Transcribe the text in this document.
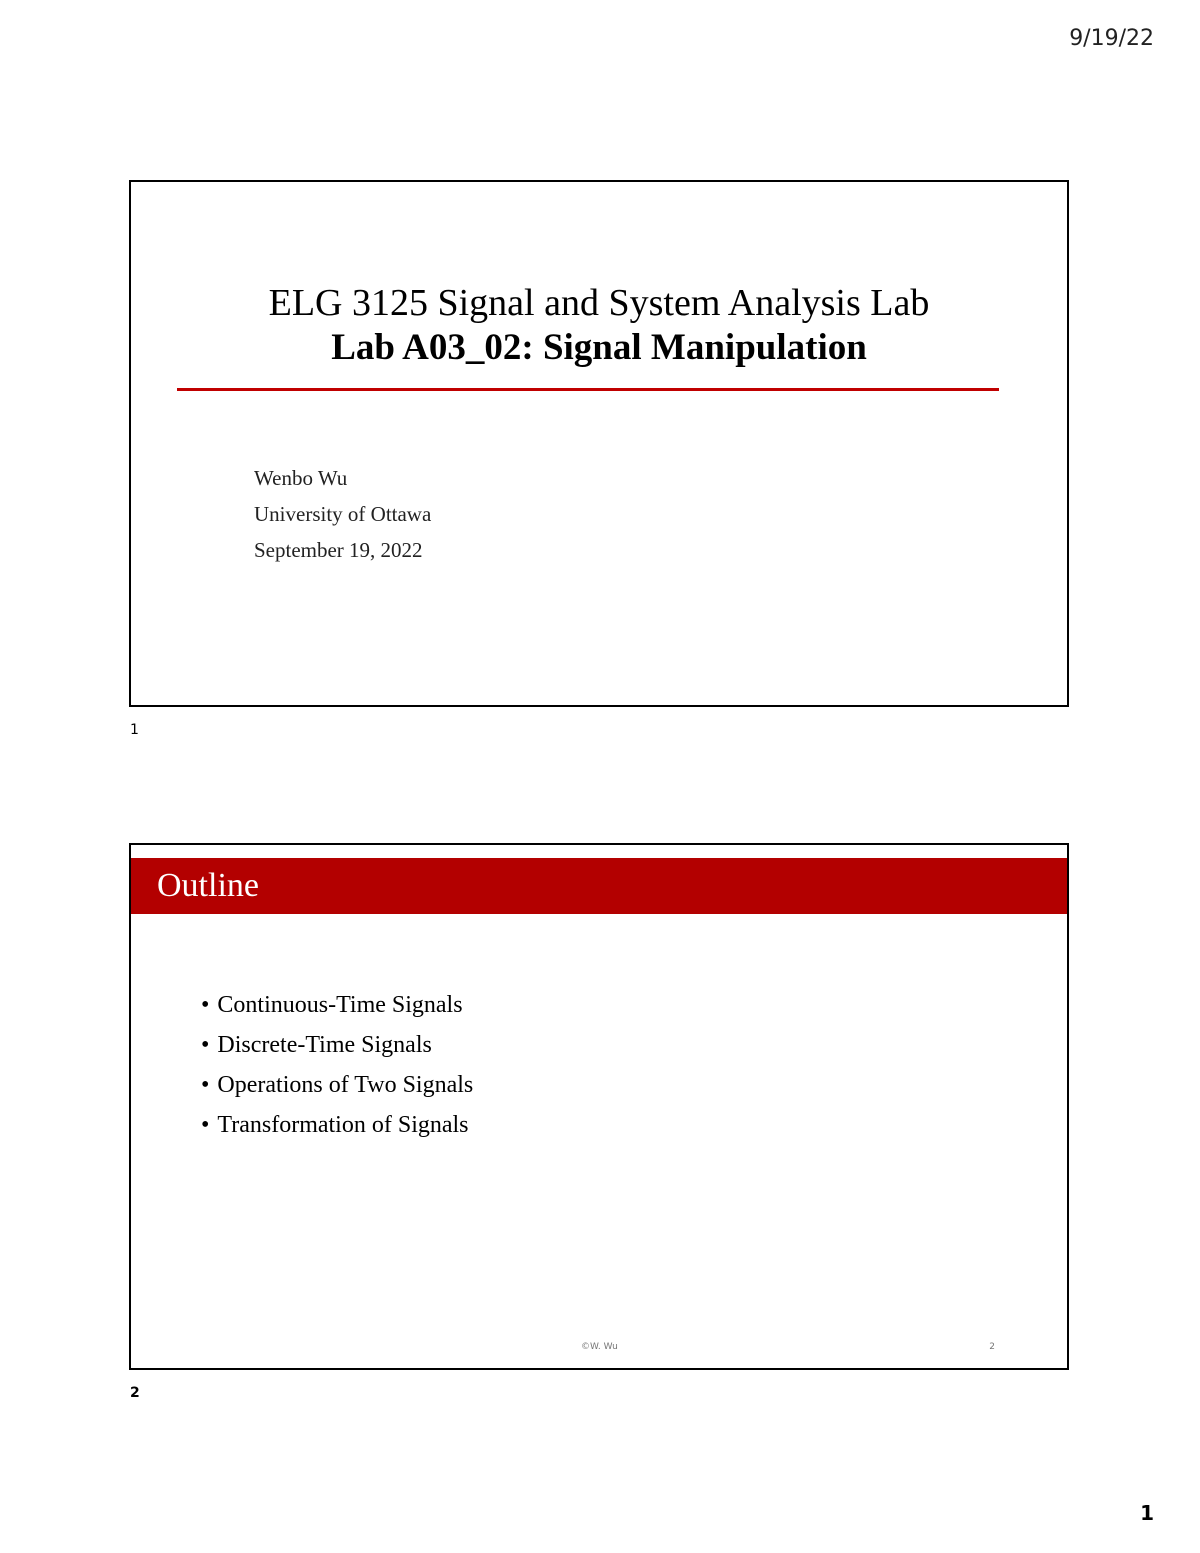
9/19/22
ELG 3125 Signal and System Analysis Lab
Lab A03_02: Signal Manipulation
Wenbo Wu
University of Ottawa
September 19, 2022
1
Outline
• Continuous-Time Signals
• Discrete-Time Signals
• Operations of Two Signals
• Transformation of Signals
©W. Wu	2
2
1
